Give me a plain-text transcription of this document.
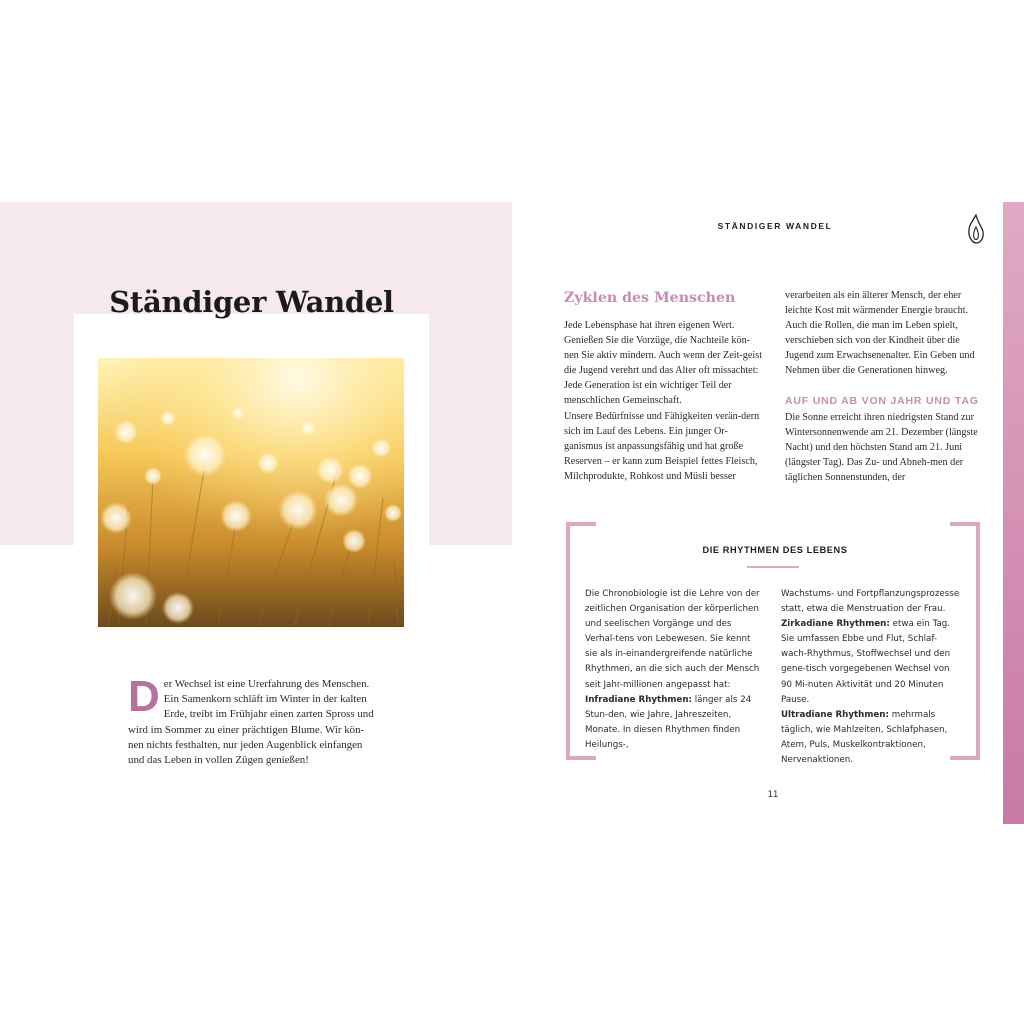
Ständiger Wandel
Der Wechsel ist eine Urerfahrung des Menschen. Ein Samenkorn schläft im Winter in der kalten Erde, treibt im Frühjahr einen zarten Spross und wird im Sommer zu einer prächtigen Blume. Wir kön-nen nichts festhalten, nur jeden Augenblick einfangen und das Leben in vollen Zügen genießen!
STÄNDIGER WANDEL
Zyklen des Menschen

Jede Lebensphase hat ihren eigenen Wert. Genießen Sie die Vorzüge, die Nachteile kön-nen Sie aktiv mindern. Auch wenn der Zeit-geist die Jugend verehrt und das Alter oft missachtet: Jede Generation ist ein wichtiger Teil der menschlichen Gemeinschaft.

Unsere Bedürfnisse und Fähigkeiten verän-dern sich im Lauf des Lebens. Ein junger Or-ganismus ist anpassungsfähig und hat große Reserven – er kann zum Beispiel fettes Fleisch, Milchprodukte, Rohkost und Müsli besser

verarbeiten als ein älterer Mensch, der eher leichte Kost mit wärmender Energie braucht. Auch die Rollen, die man im Leben spielt, verschieben sich von der Kindheit über die Jugend zum Erwachsenenalter. Ein Geben und Nehmen über die Generationen hinweg.

AUF UND AB VON JAHR UND TAG

Die Sonne erreicht ihren niedrigsten Stand zur Wintersonnenwende am 21. Dezember (längste Nacht) und den höchsten Stand am 21. Juni (längster Tag). Das Zu- und Abneh-men der täglichen Sonnenstunden, der

DIE RHYTHMEN DES LEBENS
Die Chronobiologie ist die Lehre von der zeitlichen Organisation der körperlichen und seelischen Vorgänge und des Verhal-tens von Lebewesen. Sie kennt sie als in-einandergreifende natürliche Rhythmen, an die sich auch der Mensch seit Jahr-millionen angepasst hat:
Infradiane Rhythmen: länger als 24 Stun-den, wie Jahre, Jahreszeiten, Monate. In diesen Rhythmen finden Heilungs-,
Wachstums- und Fortpflanzungsprozesse statt, etwa die Menstruation der Frau.
Zirkadiane Rhythmen: etwa ein Tag. Sie umfassen Ebbe und Flut, Schlaf-wach-Rhythmus, Stoffwechsel und den gene-tisch vorgegebenen Wechsel von 90 Mi-nuten Aktivität und 20 Minuten Pause.
Ultradiane Rhythmen: mehrmals täglich, wie Mahlzeiten, Schlafphasen, Atem, Puls, Muskelkontraktionen, Nervenaktionen.
11
